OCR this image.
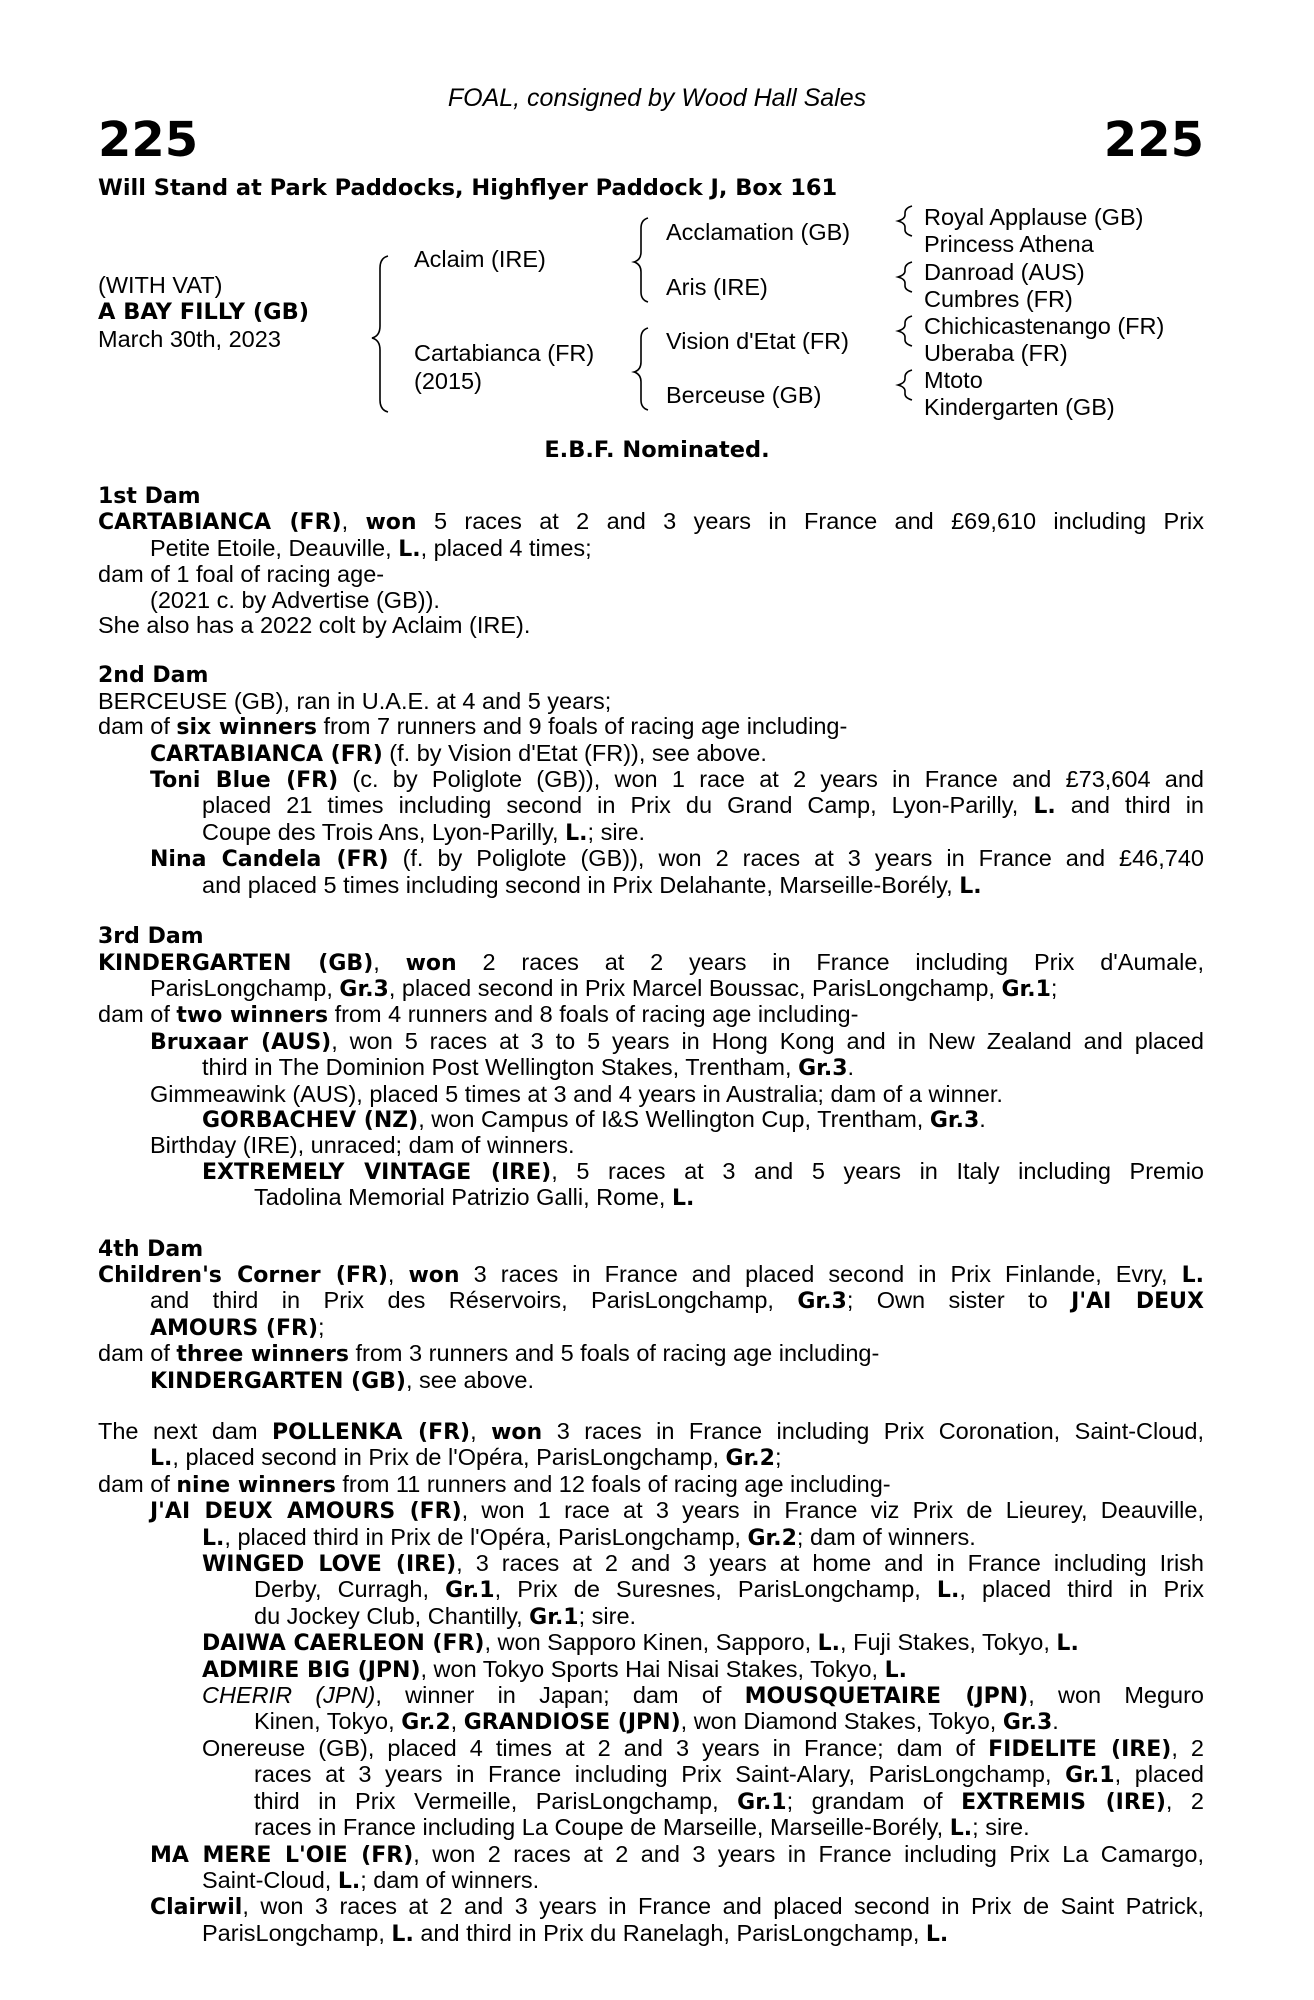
FOAL, consigned by Wood Hall Sales
225	225
Will Stand at Park Paddocks, Highflyer Paddock J, Box 161
(WITH VAT)
A BAY FILLY (GB)
March 30th, 2023
Aclaim (IRE)
Cartabianca (FR)
(2015)
Acclamation (GB)
Aris (IRE)
Vision d'Etat (FR)
Berceuse (GB)
Royal Applause (GB)
Princess Athena
Danroad (AUS)
Cumbres (FR)
Chichicastenango (FR)
Uberaba (FR)
Mtoto
Kindergarten (GB)
E.B.F. Nominated.
1st Dam
CARTABIANCA (FR), won 5 races at 2 and 3 years in France and £69,610 including Prix
Petite Etoile, Deauville, L., placed 4 times;
dam of 1 foal of racing age-
(2021 c. by Advertise (GB)).
She also has a 2022 colt by Aclaim (IRE).
2nd Dam
BERCEUSE (GB), ran in U.A.E. at 4 and 5 years;
dam of six winners from 7 runners and 9 foals of racing age including-
CARTABIANCA (FR) (f. by Vision d'Etat (FR)), see above.
Toni Blue (FR) (c. by Poliglote (GB)), won 1 race at 2 years in France and £73,604 and
placed 21 times including second in Prix du Grand Camp, Lyon-Parilly, L. and third in
Coupe des Trois Ans, Lyon-Parilly, L.; sire.
Nina Candela (FR) (f. by Poliglote (GB)), won 2 races at 3 years in France and £46,740
and placed 5 times including second in Prix Delahante, Marseille-Borély, L.
3rd Dam
KINDERGARTEN (GB), won 2 races at 2 years in France including Prix d'Aumale,
ParisLongchamp, Gr.3, placed second in Prix Marcel Boussac, ParisLongchamp, Gr.1;
dam of two winners from 4 runners and 8 foals of racing age including-
Bruxaar (AUS), won 5 races at 3 to 5 years in Hong Kong and in New Zealand and placed
third in The Dominion Post Wellington Stakes, Trentham, Gr.3.
Gimmeawink (AUS), placed 5 times at 3 and 4 years in Australia; dam of a winner.
GORBACHEV (NZ), won Campus of I&S Wellington Cup, Trentham, Gr.3.
Birthday (IRE), unraced; dam of winners.
EXTREMELY VINTAGE (IRE), 5 races at 3 and 5 years in Italy including Premio
Tadolina Memorial Patrizio Galli, Rome, L.
4th Dam
Children's Corner (FR), won 3 races in France and placed second in Prix Finlande, Evry, L.
and third in Prix des Réservoirs, ParisLongchamp, Gr.3; Own sister to J'AI DEUX
AMOURS (FR);
dam of three winners from 3 runners and 5 foals of racing age including-
KINDERGARTEN (GB), see above.
The next dam POLLENKA (FR), won 3 races in France including Prix Coronation, Saint-Cloud,
L., placed second in Prix de l'Opéra, ParisLongchamp, Gr.2;
dam of nine winners from 11 runners and 12 foals of racing age including-
J'AI DEUX AMOURS (FR), won 1 race at 3 years in France viz Prix de Lieurey, Deauville,
L., placed third in Prix de l'Opéra, ParisLongchamp, Gr.2; dam of winners.
WINGED LOVE (IRE), 3 races at 2 and 3 years at home and in France including Irish
Derby, Curragh, Gr.1, Prix de Suresnes, ParisLongchamp, L., placed third in Prix
du Jockey Club, Chantilly, Gr.1; sire.
DAIWA CAERLEON (FR), won Sapporo Kinen, Sapporo, L., Fuji Stakes, Tokyo, L.
ADMIRE BIG (JPN), won Tokyo Sports Hai Nisai Stakes, Tokyo, L.
CHERIR (JPN), winner in Japan; dam of MOUSQUETAIRE (JPN), won Meguro
Kinen, Tokyo, Gr.2, GRANDIOSE (JPN), won Diamond Stakes, Tokyo, Gr.3.
Onereuse (GB), placed 4 times at 2 and 3 years in France; dam of FIDELITE (IRE), 2
races at 3 years in France including Prix Saint-Alary, ParisLongchamp, Gr.1, placed
third in Prix Vermeille, ParisLongchamp, Gr.1; grandam of EXTREMIS (IRE), 2
races in France including La Coupe de Marseille, Marseille-Borély, L.; sire.
MA MERE L'OIE (FR), won 2 races at 2 and 3 years in France including Prix La Camargo,
Saint-Cloud, L.; dam of winners.
Clairwil, won 3 races at 2 and 3 years in France and placed second in Prix de Saint Patrick,
ParisLongchamp, L. and third in Prix du Ranelagh, ParisLongchamp, L.
